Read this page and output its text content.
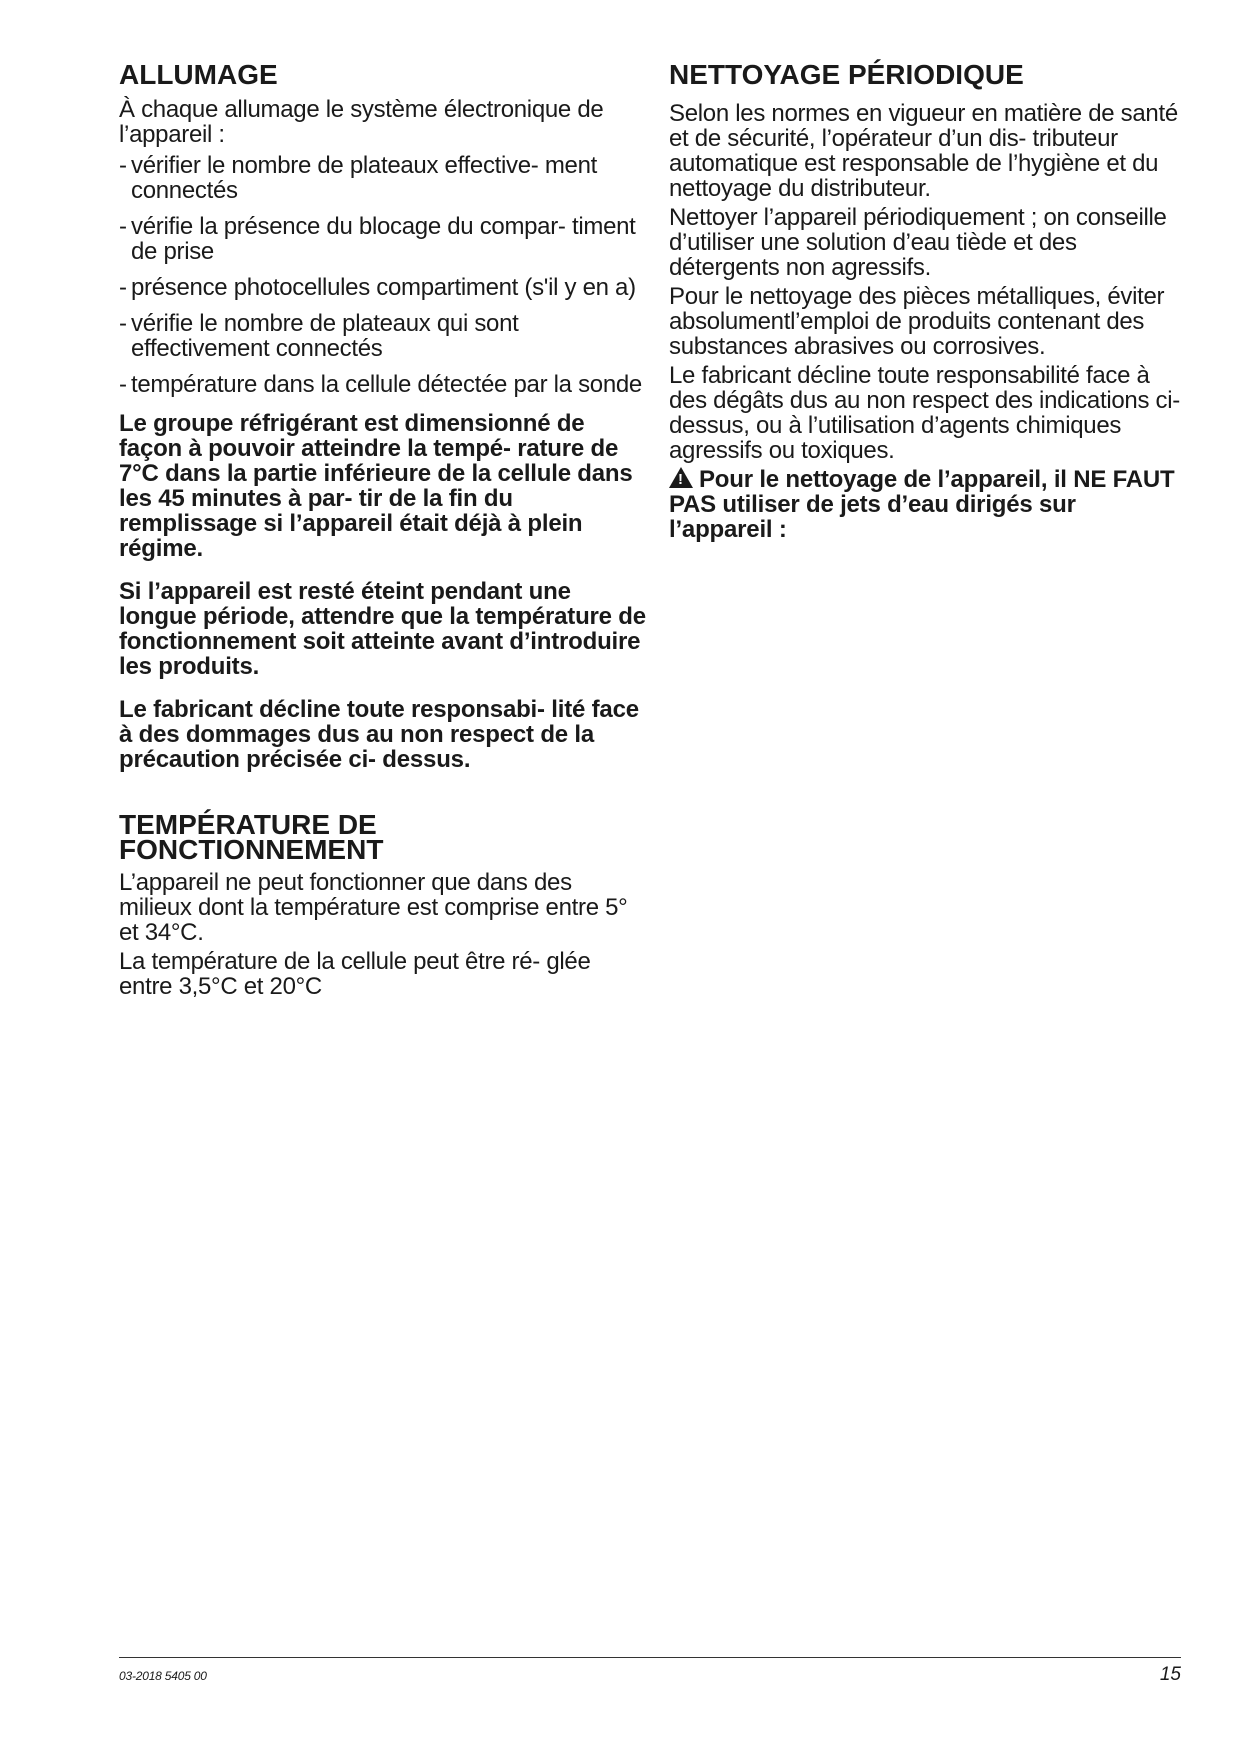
ALLUMAGE

À chaque allumage le système électronique de l’appareil :

- vérifier le nombre de plateaux effective- ment connectés
- vérifie la présence du blocage du compar- timent de prise
- présence photocellules compartiment (s'il y en a)
- vérifie le nombre de plateaux qui sont effectivement connectés
- température dans la cellule détectée par la sonde

Le groupe réfrigérant est dimensionné de façon à pouvoir atteindre la tempé- rature de 7°C dans la partie inférieure de la cellule dans les 45 minutes à par- tir de la fin du remplissage si l’appareil était déjà à plein régime.

Si l’appareil est resté éteint pendant une longue période, attendre que la température de fonctionnement soit atteinte avant d’introduire les produits.

Le fabricant décline toute responsabi- lité face à des dommages dus au non respect de la précaution précisée ci- dessus.

TEMPÉRATURE DE
FONCTIONNEMENT

L’appareil ne peut fonctionner que dans des milieux dont la température est comprise entre 5° et 34°C.

La température de la cellule peut être ré- glée entre 3,5°C et 20°C

NETTOYAGE PÉRIODIQUE

Selon les normes en vigueur en matière de santé et de sécurité, l’opérateur d’un dis- tributeur automatique est responsable de l’hygiène et du nettoyage du distributeur.

Nettoyer l’appareil périodiquement ; on conseille d’utiliser une solution d’eau tiède et des détergents non agressifs.

Pour le nettoyage des pièces métalliques, éviter absolumentl’emploi de produits contenant des substances abrasives ou corrosives.

Le fabricant décline toute responsabilité face à des dégâts dus au non respect des indications ci-dessus, ou à l’utilisation d’agents chimiques agressifs ou toxiques.

!Pour le nettoyage de l’appareil, il NE FAUT PAS utiliser de jets d’eau dirigés sur l’appareil :

03-2018 5405 00	15
